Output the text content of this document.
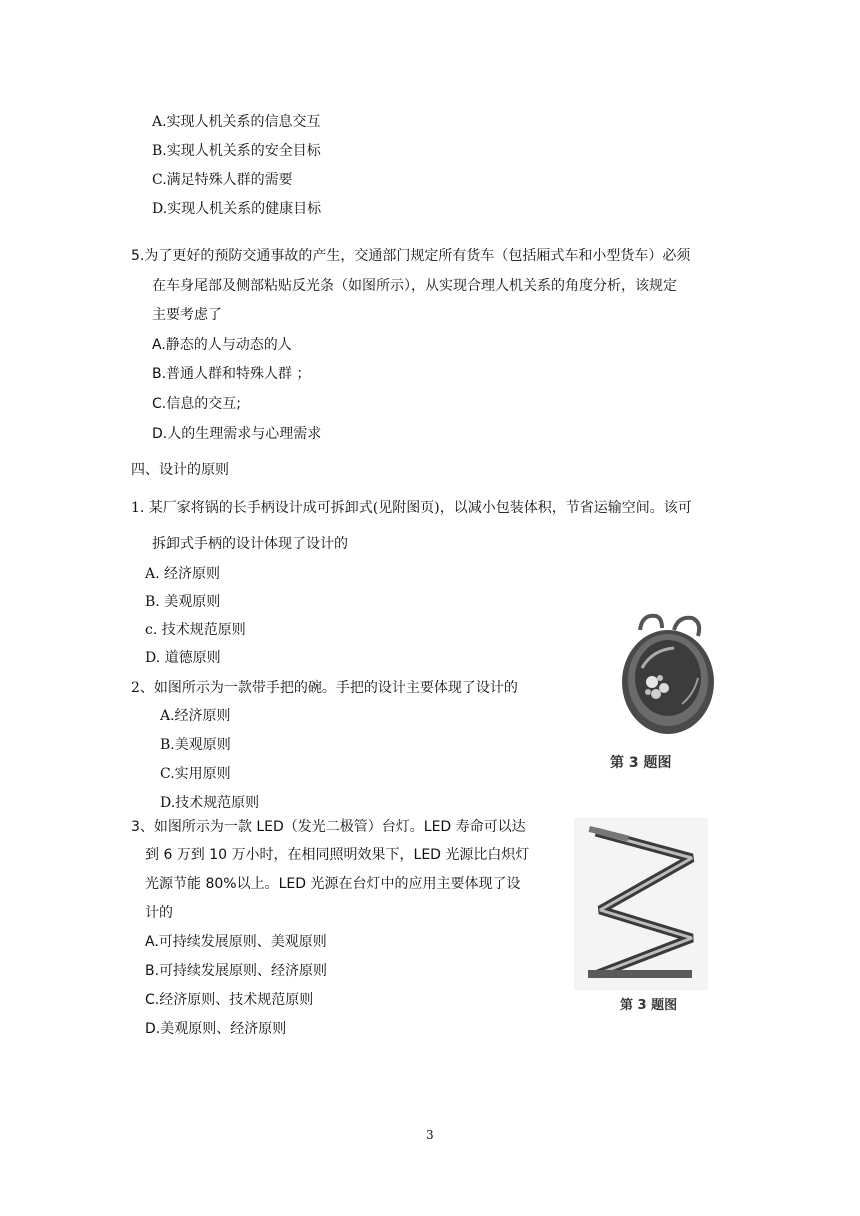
A.实现人机关系的信息交互
B.实现人机关系的安全目标
C.满足特殊人群的需要
D.实现人机关系的健康目标
5.为了更好的预防交通事故的产生，交通部门规定所有货车（包括厢式车和小型货车）必须
在车身尾部及侧部粘贴反光条（如图所示），从实现合理人机关系的角度分析，该规定
主要考虑了
A.静态的人与动态的人
B.普通人群和特殊人群 ；
C.信息的交互;
D.人的生理需求与心理需求
四、设计的原则
1. 某厂家将锅的长手柄设计成可拆卸式(见附图页)，以减小包装体积，节省运输空间。该可
拆卸式手柄的设计体现了设计的
A. 经济原则
B. 美观原则
c. 技术规范原则
D. 道德原则
2、如图所示为一款带手把的碗。手把的设计主要体现了设计的
A.经济原则
B.美观原则
C.实用原则
D.技术规范原则
第 3 题图
3、如图所示为一款 LED（发光二极管）台灯。LED 寿命可以达
到 6 万到 10 万小时，在相同照明效果下，LED 光源比白炽灯
光源节能 80%以上。LED 光源在台灯中的应用主要体现了设
计的
A.可持续发展原则、美观原则
B.可持续发展原则、经济原则
C.经济原则、技术规范原则
D.美观原则、经济原则
第 3 题图
3
